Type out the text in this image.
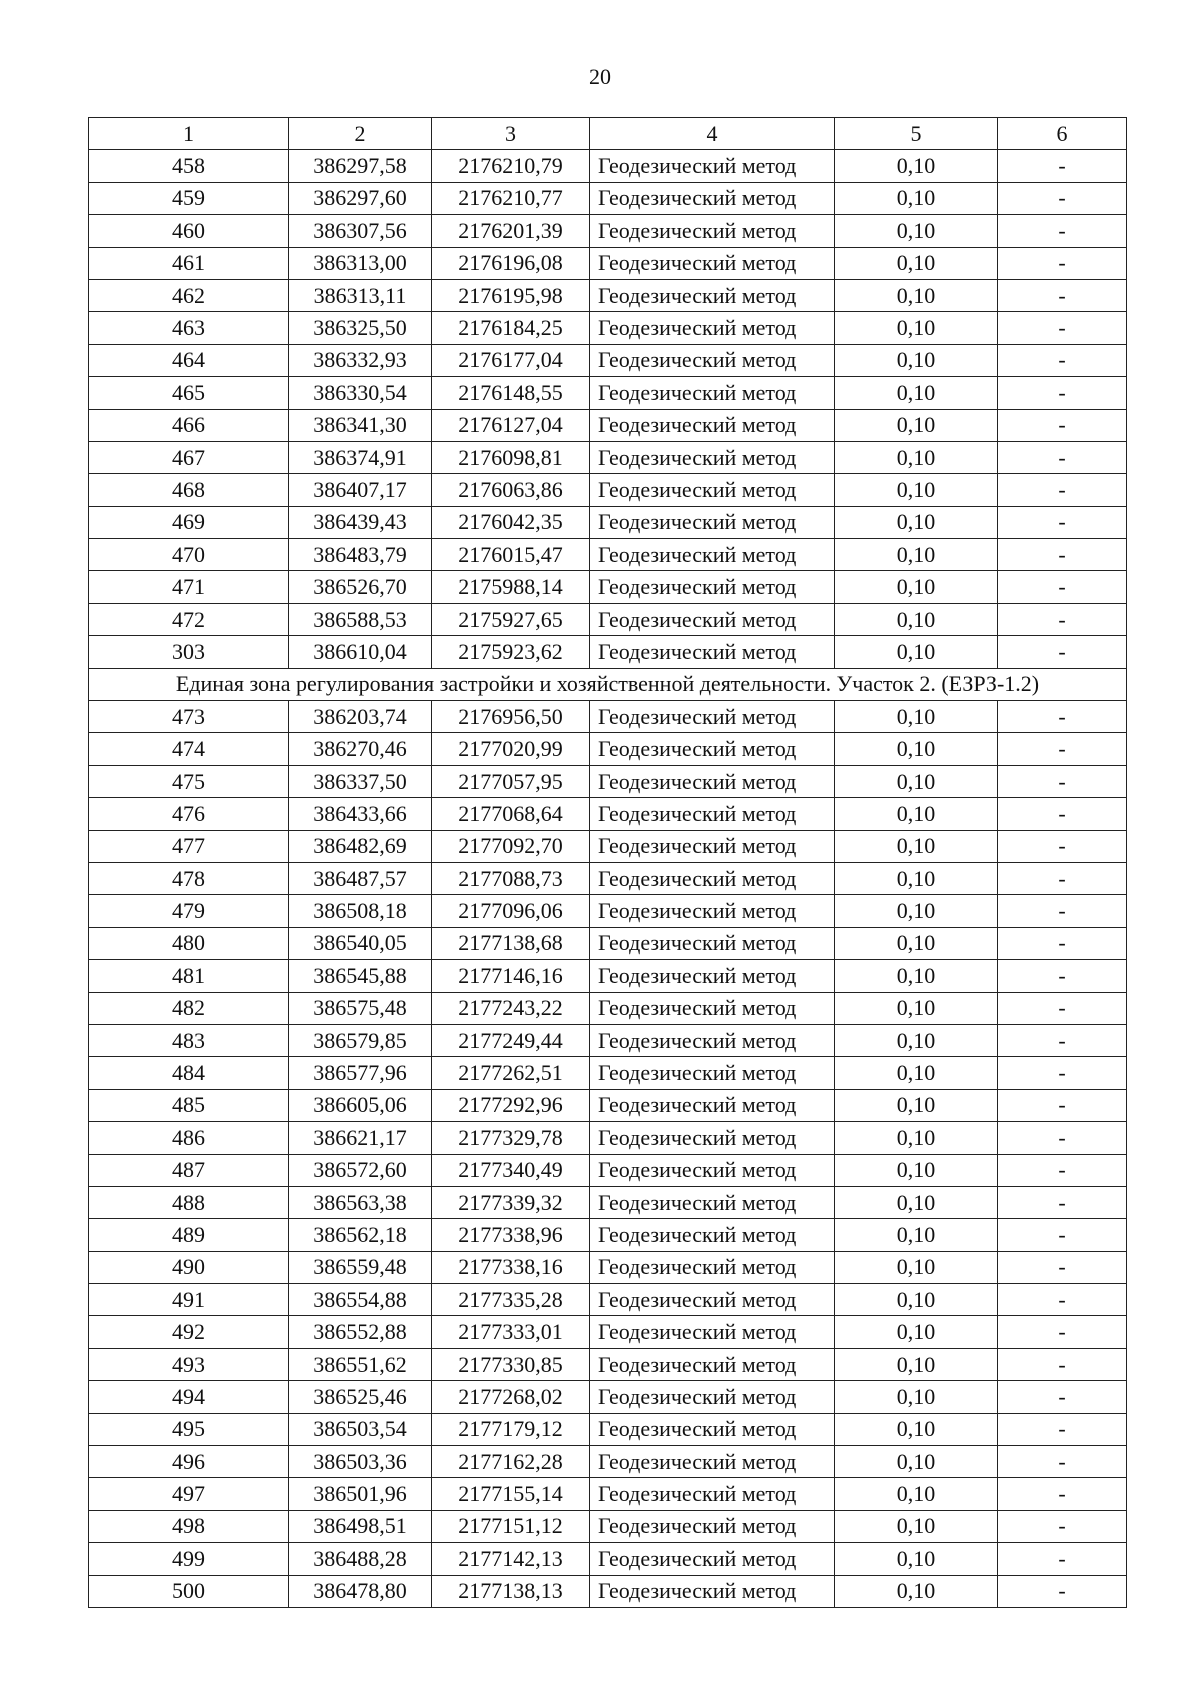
20
1	2	3	4	5	6
458	386297,58	2176210,79	Геодезический метод	0,10	-
459	386297,60	2176210,77	Геодезический метод	0,10	-
460	386307,56	2176201,39	Геодезический метод	0,10	-
461	386313,00	2176196,08	Геодезический метод	0,10	-
462	386313,11	2176195,98	Геодезический метод	0,10	-
463	386325,50	2176184,25	Геодезический метод	0,10	-
464	386332,93	2176177,04	Геодезический метод	0,10	-
465	386330,54	2176148,55	Геодезический метод	0,10	-
466	386341,30	2176127,04	Геодезический метод	0,10	-
467	386374,91	2176098,81	Геодезический метод	0,10	-
468	386407,17	2176063,86	Геодезический метод	0,10	-
469	386439,43	2176042,35	Геодезический метод	0,10	-
470	386483,79	2176015,47	Геодезический метод	0,10	-
471	386526,70	2175988,14	Геодезический метод	0,10	-
472	386588,53	2175927,65	Геодезический метод	0,10	-
303	386610,04	2175923,62	Геодезический метод	0,10	-
Единая зона регулирования застройки и хозяйственной деятельности. Участок 2. (ЕЗРЗ-1.2)					
473	386203,74	2176956,50	Геодезический метод	0,10	-
474	386270,46	2177020,99	Геодезический метод	0,10	-
475	386337,50	2177057,95	Геодезический метод	0,10	-
476	386433,66	2177068,64	Геодезический метод	0,10	-
477	386482,69	2177092,70	Геодезический метод	0,10	-
478	386487,57	2177088,73	Геодезический метод	0,10	-
479	386508,18	2177096,06	Геодезический метод	0,10	-
480	386540,05	2177138,68	Геодезический метод	0,10	-
481	386545,88	2177146,16	Геодезический метод	0,10	-
482	386575,48	2177243,22	Геодезический метод	0,10	-
483	386579,85	2177249,44	Геодезический метод	0,10	-
484	386577,96	2177262,51	Геодезический метод	0,10	-
485	386605,06	2177292,96	Геодезический метод	0,10	-
486	386621,17	2177329,78	Геодезический метод	0,10	-
487	386572,60	2177340,49	Геодезический метод	0,10	-
488	386563,38	2177339,32	Геодезический метод	0,10	-
489	386562,18	2177338,96	Геодезический метод	0,10	-
490	386559,48	2177338,16	Геодезический метод	0,10	-
491	386554,88	2177335,28	Геодезический метод	0,10	-
492	386552,88	2177333,01	Геодезический метод	0,10	-
493	386551,62	2177330,85	Геодезический метод	0,10	-
494	386525,46	2177268,02	Геодезический метод	0,10	-
495	386503,54	2177179,12	Геодезический метод	0,10	-
496	386503,36	2177162,28	Геодезический метод	0,10	-
497	386501,96	2177155,14	Геодезический метод	0,10	-
498	386498,51	2177151,12	Геодезический метод	0,10	-
499	386488,28	2177142,13	Геодезический метод	0,10	-
500	386478,80	2177138,13	Геодезический метод	0,10	-
